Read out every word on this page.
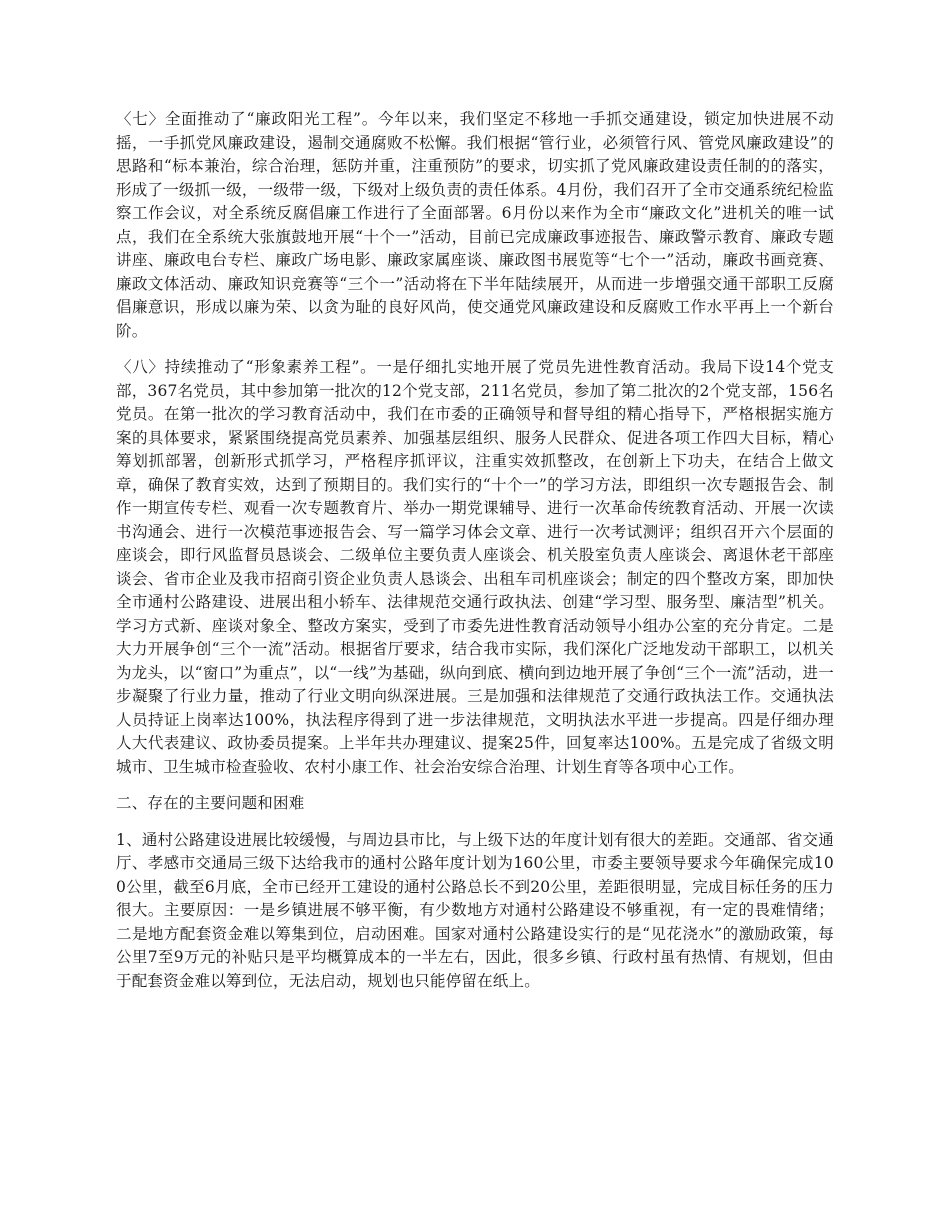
〈七〉全面推动了“廉政阳光工程”。今年以来，我们坚定不移地一手抓交通建设，锁定加快进展不动摇，一手抓党风廉政建设，遏制交通腐败不松懈。我们根据“管行业，必须管行风、管党风廉政建设”的思路和“标本兼治，综合治理，惩防并重，注重预防”的要求，切实抓了党风廉政建设责任制的的落实，形成了一级抓一级，一级带一级，下级对上级负责的责任体系。4月份，我们召开了全市交通系统纪检监察工作会议，对全系统反腐倡廉工作进行了全面部署。6月份以来作为全市“廉政文化”进机关的唯一试点，我们在全系统大张旗鼓地开展“十个一”活动，目前已完成廉政事迹报告、廉政警示教育、廉政专题讲座、廉政电台专栏、廉政广场电影、廉政家属座谈、廉政图书展览等“七个一”活动，廉政书画竞赛、廉政文体活动、廉政知识竞赛等“三个一”活动将在下半年陆续展开，从而进一步增强交通干部职工反腐倡廉意识，形成以廉为荣、以贪为耻的良好风尚，使交通党风廉政建设和反腐败工作水平再上一个新台阶。

〈八〉持续推动了“形象素养工程”。一是仔细扎实地开展了党员先进性教育活动。我局下设14个党支部，367名党员，其中参加第一批次的12个党支部，211名党员，参加了第二批次的2个党支部，156名党员。在第一批次的学习教育活动中，我们在市委的正确领导和督导组的精心指导下，严格根据实施方案的具体要求，紧紧围绕提高党员素养、加强基层组织、服务人民群众、促进各项工作四大目标，精心筹划抓部署，创新形式抓学习，严格程序抓评议，注重实效抓整改，在创新上下功夫，在结合上做文章，确保了教育实效，达到了预期目的。我们实行的“十个一”的学习方法，即组织一次专题报告会、制作一期宣传专栏、观看一次专题教育片、举办一期党课辅导、进行一次革命传统教育活动、开展一次读书沟通会、进行一次模范事迹报告会、写一篇学习体会文章、进行一次考试测评；组织召开六个层面的座谈会，即行风监督员恳谈会、二级单位主要负责人座谈会、机关股室负责人座谈会、离退休老干部座谈会、省市企业及我市招商引资企业负责人恳谈会、出租车司机座谈会；制定的四个整改方案，即加快全市通村公路建设、进展出租小轿车、法律规范交通行政执法、创建“学习型、服务型、廉洁型”机关。学习方式新、座谈对象全、整改方案实，受到了市委先进性教育活动领导小组办公室的充分肯定。二是大力开展争创“三个一流”活动。根据省厅要求，结合我市实际，我们深化广泛地发动干部职工，以机关为龙头，以“窗口”为重点”，以“一线”为基础，纵向到底、横向到边地开展了争创“三个一流”活动，进一步凝聚了行业力量，推动了行业文明向纵深进展。三是加强和法律规范了交通行政执法工作。交通执法人员持证上岗率达100%，执法程序得到了进一步法律规范，文明执法水平进一步提高。四是仔细办理人大代表建议、政协委员提案。上半年共办理建议、提案25件，回复率达100%。五是完成了省级文明城市、卫生城市检查验收、农村小康工作、社会治安综合治理、计划生育等各项中心工作。

二、存在的主要问题和困难

1、通村公路建设进展比较缓慢，与周边县市比，与上级下达的年度计划有很大的差距。交通部、省交通厅、孝感市交通局三级下达给我市的通村公路年度计划为160公里，市委主要领导要求今年确保完成100公里，截至6月底，全市已经开工建设的通村公路总长不到20公里，差距很明显，完成目标任务的压力很大。主要原因：一是乡镇进展不够平衡，有少数地方对通村公路建设不够重视，有一定的畏难情绪；二是地方配套资金难以筹集到位，启动困难。国家对通村公路建设实行的是“见花浇水”的激励政策，每公里7至9万元的补贴只是平均概算成本的一半左右，因此，很多乡镇、行政村虽有热情、有规划，但由于配套资金难以筹到位，无法启动，规划也只能停留在纸上。
